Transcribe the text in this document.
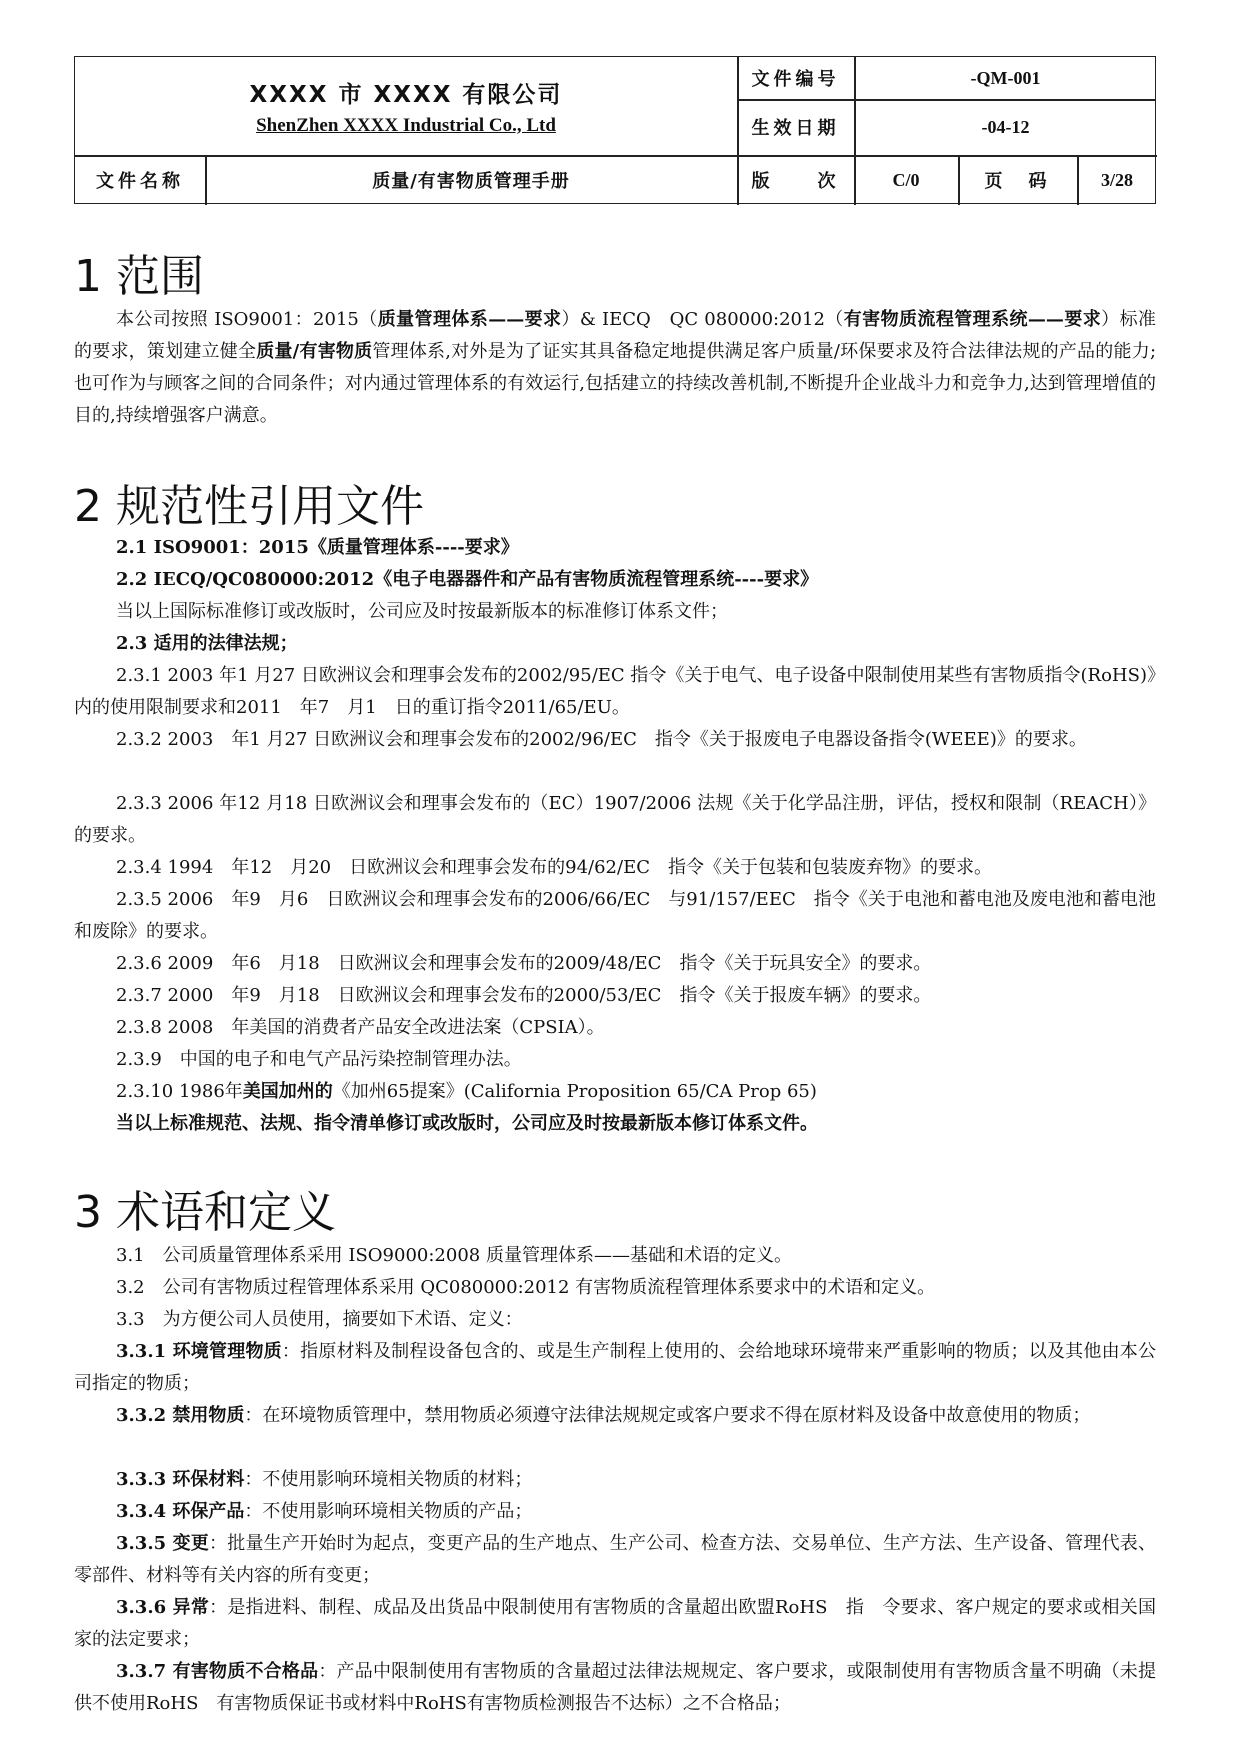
XXXX 市 XXXX 有限公司
ShenZhen XXXX Industrial Co., Ltd
文件编号	-QM-001
生效日期	-04-12
文件名称	质量/有害物质管理手册	版　　次	C/0	页　码	3/28
1 范围

本公司按照 ISO9001：2015（质量管理体系——要求）& IECQ　QC 080000:2012（有害物质流程管理系统——要求）标准的要求，策划建立健全质量/有害物质管理体系,对外是为了证实其具备稳定地提供满足客户质量/环保要求及符合法律法规的产品的能力; 也可作为与顾客之间的合同条件；对内通过管理体系的有效运行,包括建立的持续改善机制,不断提升企业战斗力和竞争力,达到管理增值的目的,持续增强客户满意。

2 规范性引用文件

2.1 ISO9001：2015《质量管理体系----要求》

2.2 IECQ/QC080000:2012《电子电器器件和产品有害物质流程管理系统----要求》

当以上国际标准修订或改版时，公司应及时按最新版本的标准修订体系文件；

2.3 适用的法律法规；

2.3.1 2003 年1 月27 日欧洲议会和理事会发布的2002/95/EC 指令《关于电气、电子设备中限制使用某些有害物质指令(RoHS)》内的使用限制要求和2011　年7　月1　日的重订指令2011/65/EU。

2.3.2 2003　年1 月27 日欧洲议会和理事会发布的2002/96/EC　指令《关于报废电子电器设备指令(WEEE)》的要求。

2.3.3 2006 年12 月18 日欧洲议会和理事会发布的（EC）1907/2006 法规《关于化学品注册，评估，授权和限制（REACH）》的要求。

2.3.4 1994　年12　月20　日欧洲议会和理事会发布的94/62/EC　指令《关于包装和包装废弃物》的要求。

2.3.5 2006　年9　月6　日欧洲议会和理事会发布的2006/66/EC　与91/157/EEC　指令《关于电池和蓄电池及废电池和蓄电池和废除》的要求。

2.3.6 2009　年6　月18　日欧洲议会和理事会发布的2009/48/EC　指令《关于玩具安全》的要求。

2.3.7 2000　年9　月18　日欧洲议会和理事会发布的2000/53/EC　指令《关于报废车辆》的要求。

2.3.8 2008　年美国的消费者产品安全改进法案（CPSIA）。

2.3.9　中国的电子和电气产品污染控制管理办法。

2.3.10 1986年美国加州的《加州65提案》(California Proposition 65/CA Prop 65)

当以上标准规范、法规、指令清单修订或改版时，公司应及时按最新版本修订体系文件。

3 术语和定义

3.1　公司质量管理体系采用 ISO9000:2008 质量管理体系——基础和术语的定义。

3.2　公司有害物质过程管理体系采用 QC080000:2012 有害物质流程管理体系要求中的术语和定义。

3.3　为方便公司人员使用，摘要如下术语、定义：

3.3.1 环境管理物质：指原材料及制程设备包含的、或是生产制程上使用的、会给地球环境带来严重影响的物质；以及其他由本公司指定的物质；

3.3.2 禁用物质：在环境物质管理中，禁用物质必须遵守法律法规规定或客户要求不得在原材料及设备中故意使用的物质；

3.3.3 环保材料：不使用影响环境相关物质的材料；

3.3.4 环保产品：不使用影响环境相关物质的产品；

3.3.5 变更：批量生产开始时为起点，变更产品的生产地点、生产公司、检查方法、交易单位、生产方法、生产设备、管理代表、零部件、材料等有关内容的所有变更；

3.3.6 异常：是指进料、制程、成品及出货品中限制使用有害物质的含量超出欧盟RoHS　指　令要求、客户规定的要求或相关国家的法定要求；

3.3.7 有害物质不合格品：产品中限制使用有害物质的含量超过法律法规规定、客户要求，或限制使用有害物质含量不明确（未提供不使用RoHS　有害物质保证书或材料中RoHS有害物质检测报告不达标）之不合格品；
